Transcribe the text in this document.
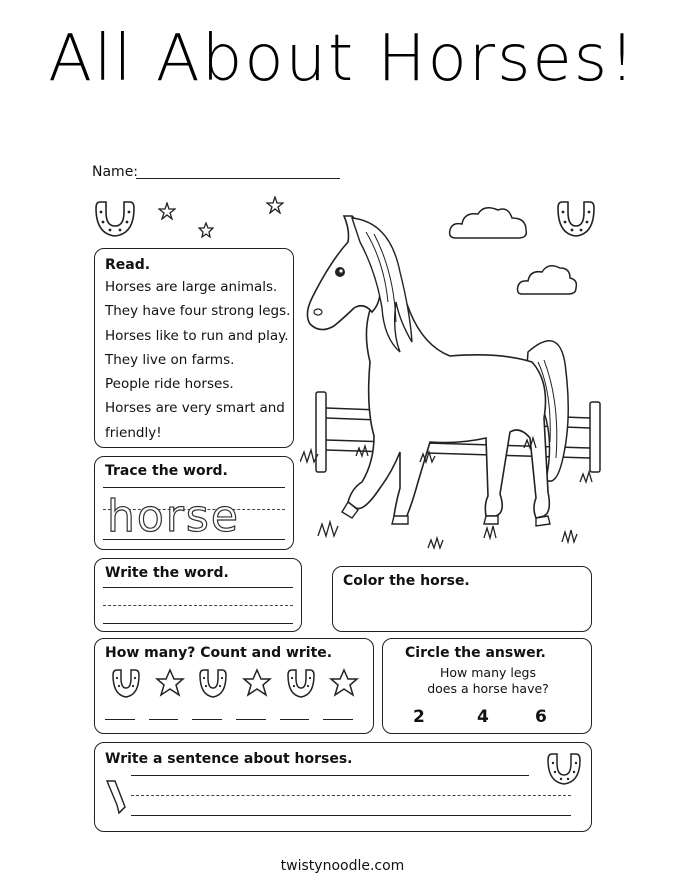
All About Horses!
Name:
Read.
Horses are large animals.
They have four strong legs.
Horses like to run and play.
They live on farms.
People ride horses.
Horses are very smart and
friendly!
Trace the word.
horse
Write the word.	Color the horse.
How many? Count and write.	Circle the answer.
How many legs
does a horse have?
2	4	6
Write a sentence about horses.
twistynoodle.com
